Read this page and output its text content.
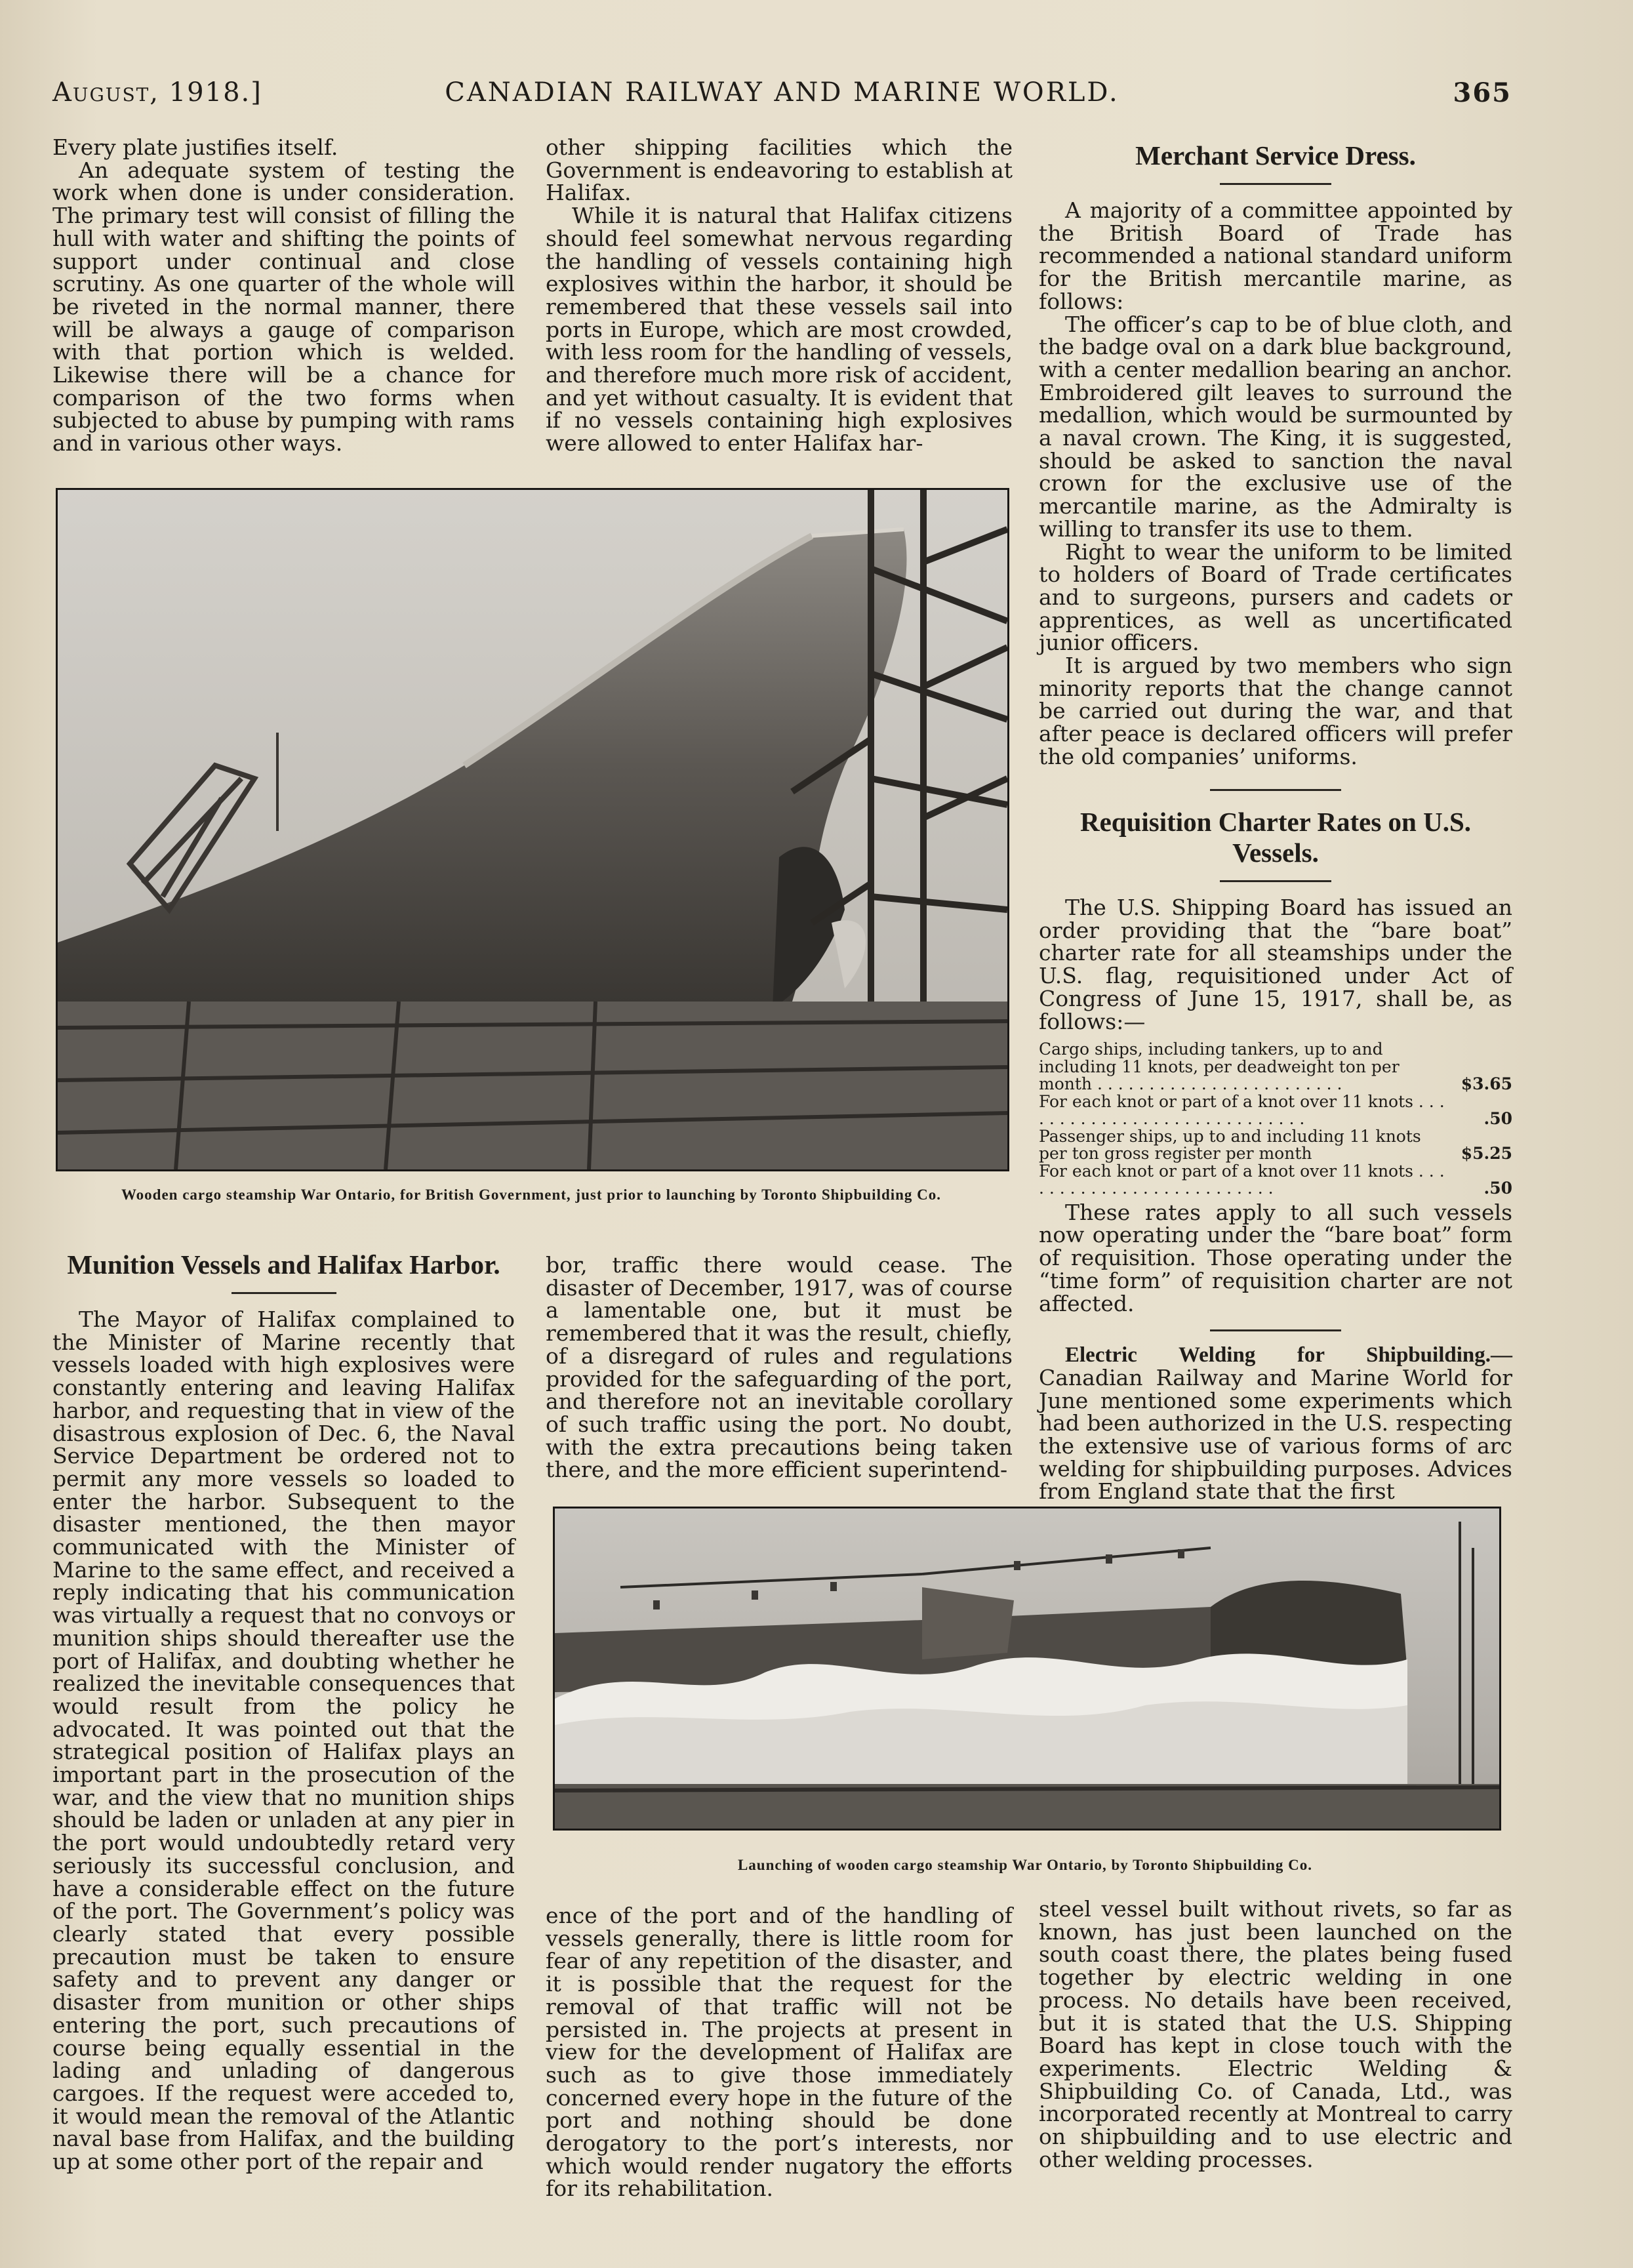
August, 1918.]	CANADIAN RAILWAY AND MARINE WORLD.	365

Every plate justifies itself.

An adequate system of testing the work when done is under consideration. The primary test will consist of filling the hull with water and shifting the points of support under continual and close scrutiny. As one quarter of the whole will be riveted in the normal manner, there will be always a gauge of comparison with that portion which is welded. Likewise there will be a chance for comparison of the two forms when subjected to abuse by pumping with rams and in various other ways.

other shipping facilities which the Government is endeavoring to establish at Halifax.

While it is natural that Halifax citizens should feel somewhat nervous regarding the handling of vessels containing high explosives within the harbor, it should be remembered that these vessels sail into ports in Europe, which are most crowded, with less room for the handling of vessels, and therefore much more risk of accident, and yet without casualty. It is evident that if no vessels containing high explosives were allowed to enter Halifax har-

Wooden cargo steamship War Ontario, for British Government, just prior to launching by Toronto Shipbuilding Co.
Merchant Service Dress.

A majority of a committee appointed by the British Board of Trade has recommended a national standard uniform for the British mercantile marine, as follows:

The officer’s cap to be of blue cloth, and the badge oval on a dark blue background, with a center medallion bearing an anchor. Embroidered gilt leaves to surround the medallion, which would be surmounted by a naval crown. The King, it is suggested, should be asked to sanction the naval crown for the exclusive use of the mercantile marine, as the Admiralty is willing to transfer its use to them.

Right to wear the uniform to be limited to holders of Board of Trade certificates and to surgeons, pursers and cadets or apprentices, as well as uncertificated junior officers.

It is argued by two members who sign minority reports that the change cannot be carried out during the war, and that after peace is declared officers will prefer the old companies’ uniforms.

Requisition Charter Rates on U.S. Vessels.

The U.S. Shipping Board has issued an order providing that the “bare boat” charter rate for all steamships under the U.S. flag, requisitioned under Act of Congress of June 15, 1917, shall be, as follows:—

Cargo ships, including tankers, up to and including 11 knots, per deadweight ton per month . . . . . . . . . . . . . . . . . . . . . . . .	$3.65
For each knot or part of a knot over 11 knots . . . . . . . . . . . . . . . . . . . . . . . . . . . . .	.50
Passenger ships, up to and including 11 knots per ton gross register per month	$5.25
For each knot or part of a knot over 11 knots . . . . . . . . . . . . . . . . . . . . . . . . . .	.50

These rates apply to all such vessels now operating under the “bare boat” form of requisition. Those operating under the “time form” of requisition charter are not affected.

Electric Welding for Shipbuilding.— Canadian Railway and Marine World for June mentioned some experiments which had been authorized in the U.S. respecting the extensive use of various forms of arc welding for shipbuilding purposes. Advices from England state that the first

Munition Vessels and Halifax Harbor.

The Mayor of Halifax complained to the Minister of Marine recently that vessels loaded with high explosives were constantly entering and leaving Halifax harbor, and requesting that in view of the disastrous explosion of Dec. 6, the Naval Service Department be ordered not to permit any more vessels so loaded to enter the harbor. Subsequent to the disaster mentioned, the then mayor communicated with the Minister of Marine to the same effect, and received a reply indicating that his communication was virtually a request that no convoys or munition ships should thereafter use the port of Halifax, and doubting whether he realized the inevitable consequences that would result from the policy he advocated. It was pointed out that the strategical position of Halifax plays an important part in the prosecution of the war, and the view that no munition ships should be laden or unladen at any pier in the port would undoubtedly retard very seriously its successful conclusion, and have a considerable effect on the future of the port. The Government’s policy was clearly stated that every possible precaution must be taken to ensure safety and to prevent any danger or disaster from munition or other ships entering the port, such precautions of course being equally essential in the lading and unlading of dangerous cargoes. If the request were acceded to, it would mean the removal of the Atlantic naval base from Halifax, and the building up at some other port of the repair and

bor, traffic there would cease. The disaster of December, 1917, was of course a lamentable one, but it must be remembered that it was the result, chiefly, of a disregard of rules and regulations provided for the safeguarding of the port, and therefore not an inevitable corollary of such traffic using the port. No doubt, with the extra precautions being taken there, and the more efficient superintend-

Launching of wooden cargo steamship War Ontario, by Toronto Shipbuilding Co.

ence of the port and of the handling of vessels generally, there is little room for fear of any repetition of the disaster, and it is possible that the request for the removal of that traffic will not be persisted in. The projects at present in view for the development of Halifax are such as to give those immediately concerned every hope in the future of the port and nothing should be done derogatory to the port’s interests, nor which would render nugatory the efforts for its rehabilitation.

steel vessel built without rivets, so far as known, has just been launched on the south coast there, the plates being fused together by electric welding in one process. No details have been received, but it is stated that the U.S. Shipping Board has kept in close touch with the experiments. Electric Welding & Shipbuilding Co. of Canada, Ltd., was incorporated recently at Montreal to carry on shipbuilding and to use electric and other welding processes.
